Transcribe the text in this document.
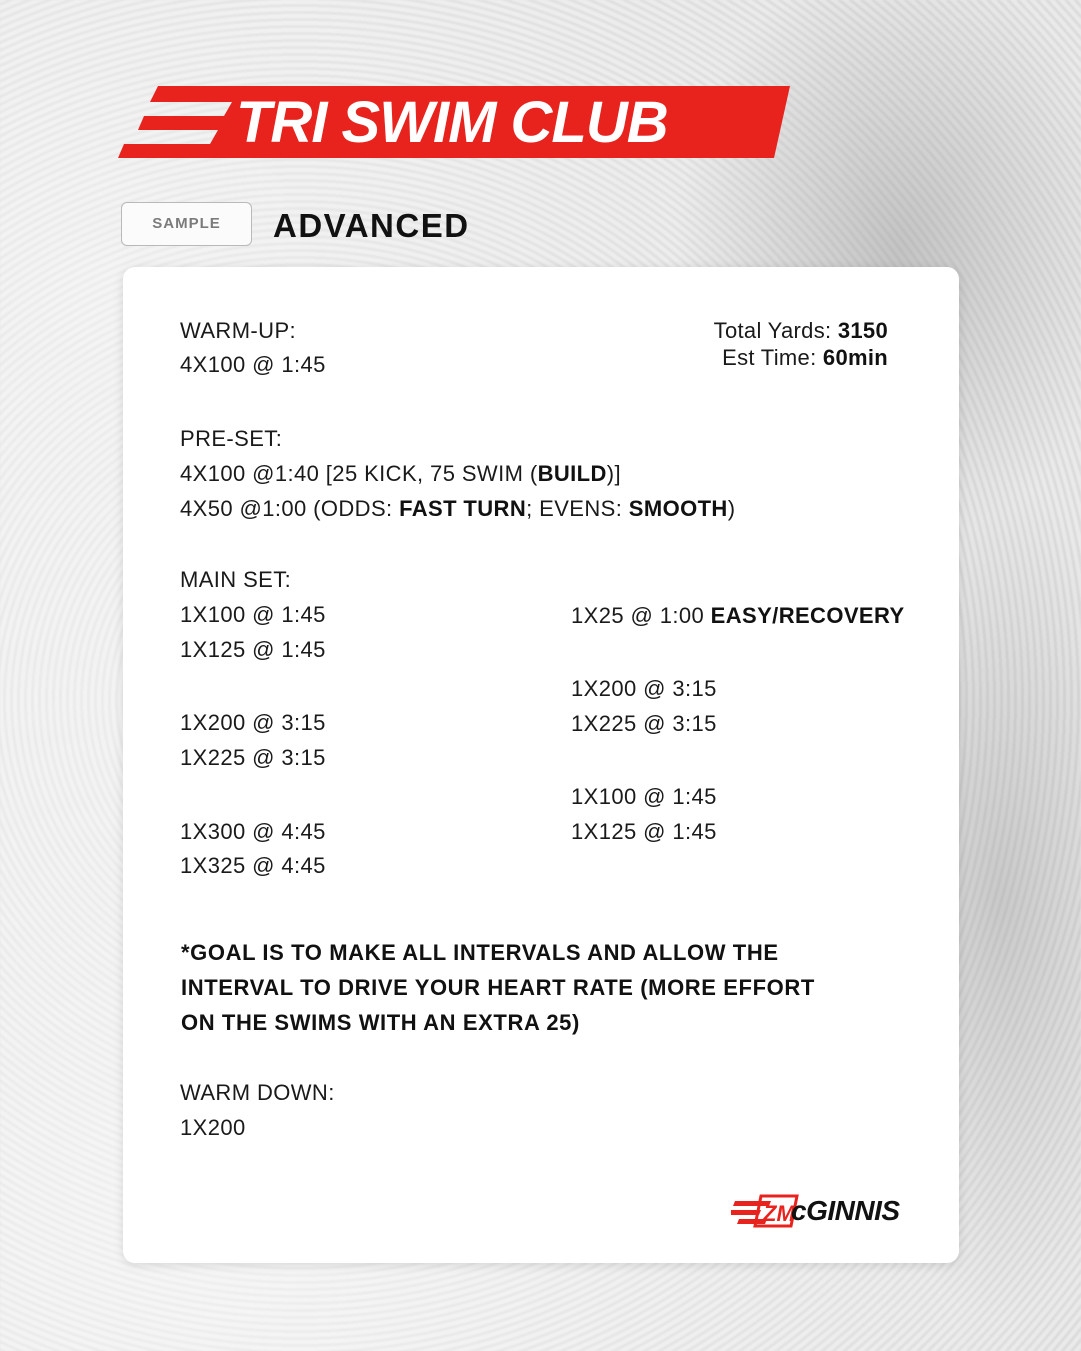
TRI SWIM CLUB
SAMPLE	ADVANCED
WARM-UP:
4X100 @ 1:45
Total Yards: 3150
Est Time: 60min
PRE-SET:
4X100 @1:40 [25 KICK, 75 SWIM (BUILD)]
4X50 @1:00 (ODDS: FAST TURN; EVENS: SMOOTH)
MAIN SET:
1X100 @ 1:45
1X125 @ 1:45
1X200 @ 3:15
1X225 @ 3:15
1X300 @ 4:45
1X325 @ 4:45
1X25 @ 1:00 EASY/RECOVERY
1X200 @ 3:15
1X225 @ 3:15
1X100 @ 1:45
1X125 @ 1:45
*GOAL IS TO MAKE ALL INTERVALS AND ALLOW THE
INTERVAL TO DRIVE YOUR HEART RATE (MORE EFFORT
ON THE SWIMS WITH AN EXTRA 25)
WARM DOWN:
1X200
ZM
cGINNIS
